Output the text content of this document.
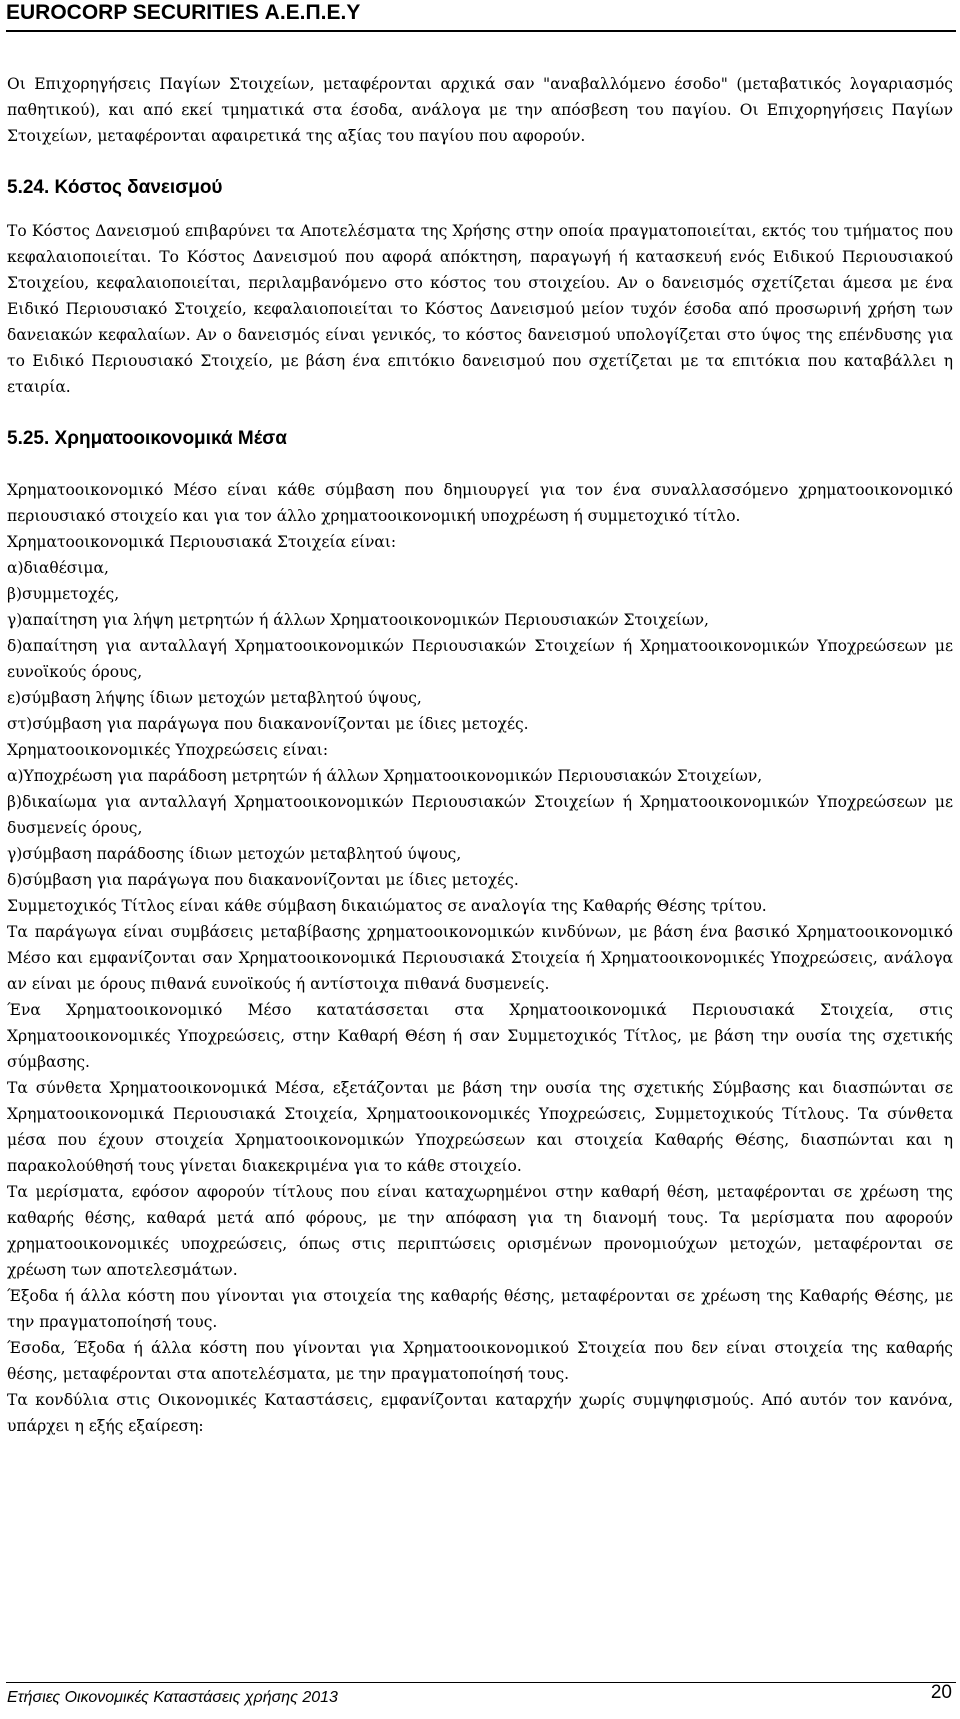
EUROCORP SECURITIES Α.Ε.Π.Ε.Υ

Οι Επιχορηγήσεις Παγίων Στοιχείων, μεταφέρονται αρχικά σαν "αναβαλλόμενο έσοδο" (μεταβατικός λογαριασμός παθητικού), και από εκεί τμηματικά στα έσοδα, ανάλογα με την απόσβεση του παγίου. Οι Επιχορηγήσεις Παγίων Στοιχείων, μεταφέρονται αφαιρετικά της αξίας του παγίου που αφορούν.

5.24. Κόστος δανεισμού

Το Κόστος Δανεισμού επιβαρύνει τα Αποτελέσματα της Χρήσης στην οποία πραγματοποιείται, εκτός του τμήματος που κεφαλαιοποιείται. Το Κόστος Δανεισμού που αφορά απόκτηση, παραγωγή ή κατασκευή ενός Ειδικού Περιουσιακού Στοιχείου, κεφαλαιοποιείται, περιλαμβανόμενο στο κόστος του στοιχείου. Αν ο δανεισμός σχετίζεται άμεσα με ένα Ειδικό Περιουσιακό Στοιχείο, κεφαλαιοποιείται το Κόστος Δανεισμού μείον τυχόν έσοδα από προσωρινή χρήση των δανειακών κεφαλαίων. Αν ο δανεισμός είναι γενικός, το κόστος δανεισμού υπολογίζεται στο ύψος της επένδυσης για το Ειδικό Περιουσιακό Στοιχείο, με βάση ένα επιτόκιο δανεισμού που σχετίζεται με τα επιτόκια που καταβάλλει η εταιρία.

5.25. Χρηματοοικονομικά Μέσα

Χρηματοοικονομικό Μέσο είναι κάθε σύμβαση που δημιουργεί για τον ένα συναλλασσόμενο χρηματοοικονομικό περιουσιακό στοιχείο και για τον άλλο χρηματοοικονομική υποχρέωση ή συμμετοχικό τίτλο.

Χρηματοοικονομικά Περιουσιακά Στοιχεία είναι:

α)διαθέσιμα,

β)συμμετοχές,

γ)απαίτηση για λήψη μετρητών ή άλλων Χρηματοοικονομικών Περιουσιακών Στοιχείων,

δ)απαίτηση για ανταλλαγή Χρηματοοικονομικών Περιουσιακών Στοιχείων ή Χρηματοοικονομικών Υποχρεώσεων με ευνοϊκούς όρους,

ε)σύμβαση λήψης ίδιων μετοχών μεταβλητού ύψους,

στ)σύμβαση για παράγωγα που διακανονίζονται με ίδιες μετοχές.

Χρηματοοικονομικές Υποχρεώσεις είναι:

α)Υποχρέωση για παράδοση μετρητών ή άλλων Χρηματοοικονομικών Περιουσιακών Στοιχείων,

β)δικαίωμα για ανταλλαγή Χρηματοοικονομικών Περιουσιακών Στοιχείων ή Χρηματοοικονομικών Υποχρεώσεων με δυσμενείς όρους,

γ)σύμβαση παράδοσης ίδιων μετοχών μεταβλητού ύψους,

δ)σύμβαση για παράγωγα που διακανονίζονται με ίδιες μετοχές.

Συμμετοχικός Τίτλος είναι κάθε σύμβαση δικαιώματος σε αναλογία της Καθαρής Θέσης τρίτου.

Τα παράγωγα είναι συμβάσεις μεταβίβασης χρηματοοικονομικών κινδύνων, με βάση ένα βασικό Χρηματοοικονομικό Μέσο και εμφανίζονται σαν Χρηματοοικονομικά Περιουσιακά Στοιχεία ή Χρηματοοικονομικές Υποχρεώσεις, ανάλογα αν είναι με όρους πιθανά ευνοϊκούς ή αντίστοιχα πιθανά δυσμενείς.

Ένα Χρηματοοικονομικό Μέσο κατατάσσεται στα Χρηματοοικονομικά Περιουσιακά Στοιχεία, στις Χρηματοοικονομικές Υποχρεώσεις, στην Καθαρή Θέση ή σαν Συμμετοχικός Τίτλος, με βάση την ουσία της σχετικής σύμβασης.

Τα σύνθετα Χρηματοοικονομικά Μέσα, εξετάζονται με βάση την ουσία της σχετικής Σύμβασης και διασπώνται σε Χρηματοοικονομικά Περιουσιακά Στοιχεία, Χρηματοοικονομικές Υποχρεώσεις, Συμμετοχικούς Τίτλους. Τα σύνθετα μέσα που έχουν στοιχεία Χρηματοοικονομικών Υποχρεώσεων και στοιχεία Καθαρής Θέσης, διασπώνται και η παρακολούθησή τους γίνεται διακεκριμένα για το κάθε στοιχείο.

Τα μερίσματα, εφόσον αφορούν τίτλους που είναι καταχωρημένοι στην καθαρή θέση, μεταφέρονται σε χρέωση της καθαρής θέσης, καθαρά μετά από φόρους, με την απόφαση για τη διανομή τους. Τα μερίσματα που αφορούν χρηματοοικονομικές υποχρεώσεις, όπως στις περιπτώσεις ορισμένων προνομιούχων μετοχών, μεταφέρονται σε χρέωση των αποτελεσμάτων.

Έξοδα ή άλλα κόστη που γίνονται για στοιχεία της καθαρής θέσης, μεταφέρονται σε χρέωση της Καθαρής Θέσης, με την πραγματοποίησή τους.

Έσοδα, Έξοδα ή άλλα κόστη που γίνονται για Χρηματοοικονομικού Στοιχεία που δεν είναι στοιχεία της καθαρής θέσης, μεταφέρονται στα αποτελέσματα, με την πραγματοποίησή τους.

Τα κονδύλια στις Οικονομικές Καταστάσεις, εμφανίζονται καταρχήν χωρίς συμψηφισμούς. Από αυτόν τον κανόνα, υπάρχει η εξής εξαίρεση:

Ετήσιες Οικονομικές Καταστάσεις χρήσης 2013	20
